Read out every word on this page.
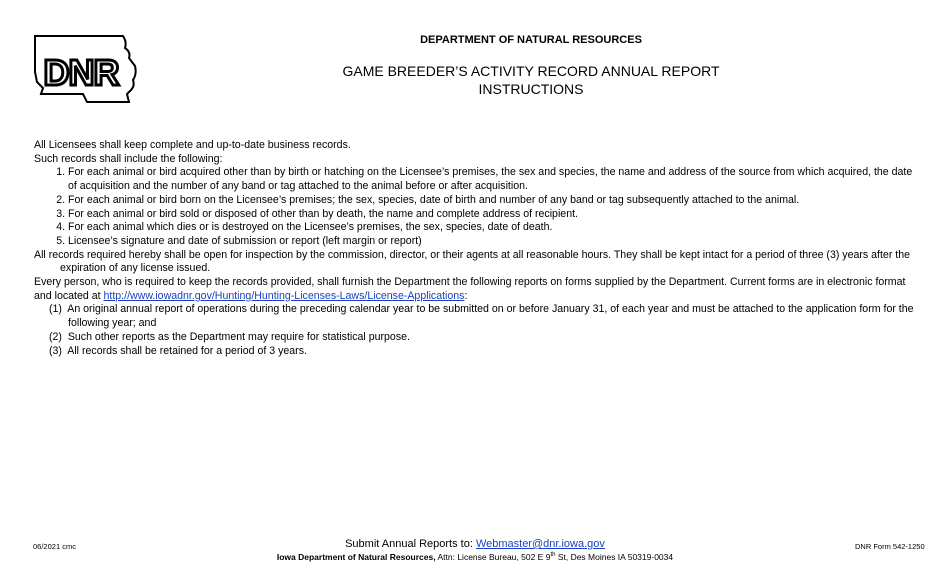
DNR
DEPARTMENT OF NATURAL RESOURCES
GAME BREEDER’S ACTIVITY RECORD ANNUAL REPORT
INSTRUCTIONS

All Licensees shall keep complete and up-to-date business records.

Such records shall include the following:

1. For each animal or bird acquired other than by birth or hatching on the Licensee’s premises, the sex and species, the name and address of the source from which acquired, the date of acquisition and the number of any band or tag attached to the animal before or after acquisition.
2. For each animal or bird born on the Licensee’s premises; the sex, species, date of birth and number of any band or tag subsequently attached to the animal.
3. For each animal or bird sold or disposed of other than by death, the name and complete address of recipient.
4. For each animal which dies or is destroyed on the Licensee’s premises, the sex, species, date of death.
5. Licensee’s signature and date of submission or report (left margin or report)

All records required hereby shall be open for inspection by the commission, director, or their agents at all reasonable hours. They shall be kept intact for a period of three (3) years after the expiration of any license issued.

Every person, who is required to keep the records provided, shall furnish the Department the following reports on forms supplied by the Department. Current forms are in electronic format and located at http://www.iowadnr.gov/Hunting/Hunting-Licenses-Laws/License-Applications:

(1) An original annual report of operations during the preceding calendar year to be submitted on or before January 31, of each year and must be attached to the application form for the following year; and
(2) Such other reports as the Department may require for statistical purpose.
(3) All records shall be retained for a period of 3 years.
06/2021 cmc	DNR Form 542-1250
Submit Annual Reports to: Webmaster@dnr.iowa.gov
Iowa Department of Natural Resources, Attn: License Bureau, 502 E 9th St, Des Moines IA 50319-0034
